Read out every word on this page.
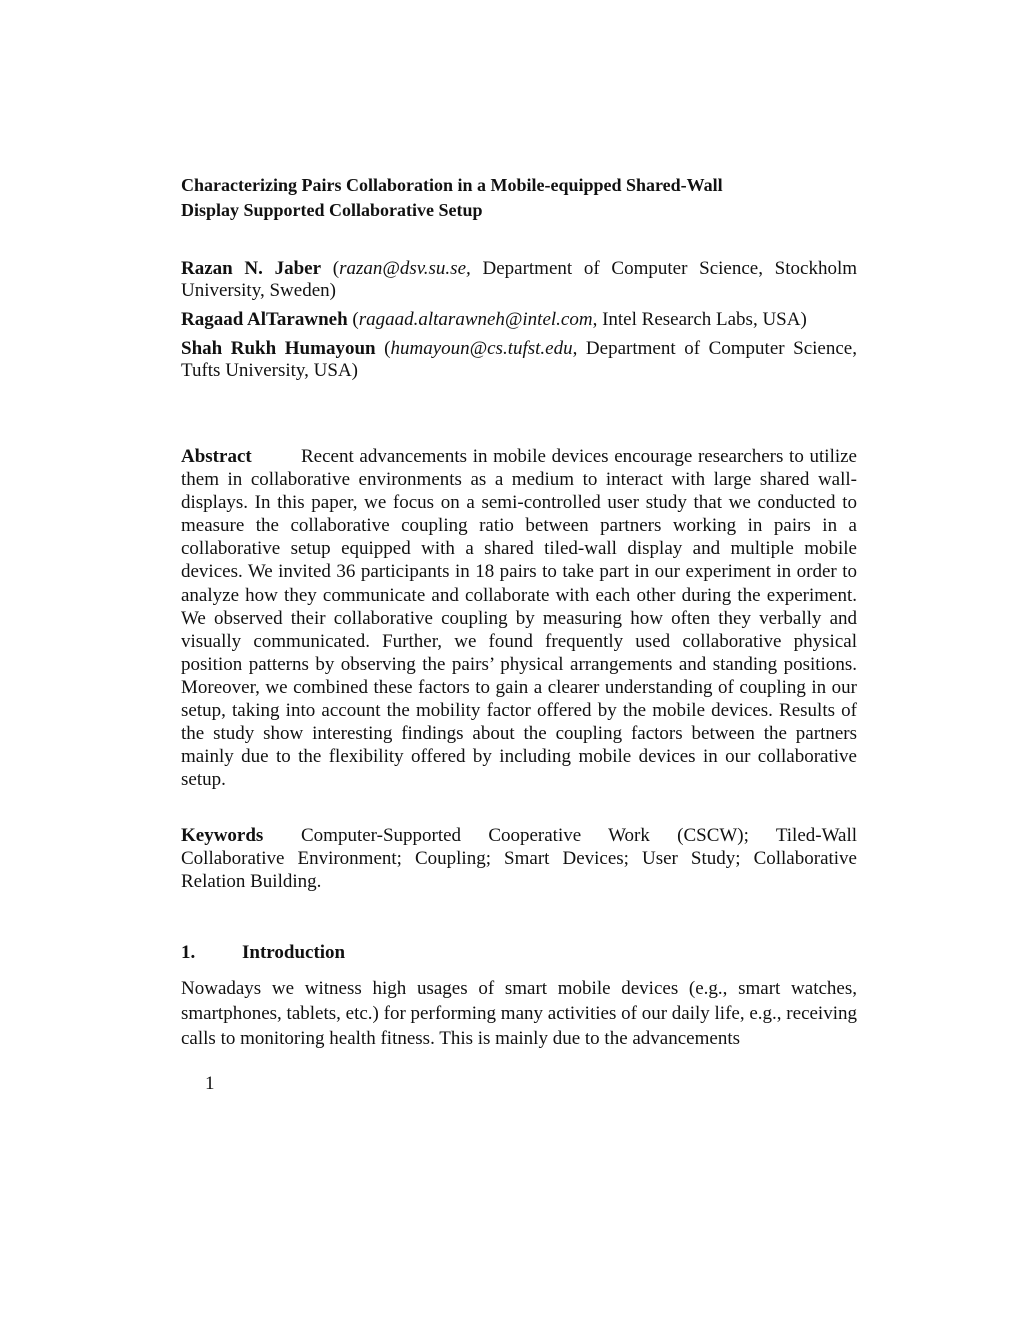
Characterizing Pairs Collaboration in a Mobile-equipped Shared-Wall
Display Supported Collaborative Setup
Razan N. Jaber (razan@dsv.su.se, Department of Computer Science, Stockholm University, Sweden)
Ragaad AlTarawneh (ragaad.altarawneh@intel.com, Intel Research Labs, USA)
Shah Rukh Humayoun (humayoun@cs.tufst.edu, Department of Computer Science, Tufts University, USA)
Abstract	Recent advancements in mobile devices encourage researchers to utilize them in collaborative environments as a medium to interact with large shared wall-displays. In this paper, we focus on a semi-controlled user study that we conducted to measure the collaborative coupling ratio between partners working in pairs in a collaborative setup equipped with a shared tiled-wall display and multiple mobile devices. We invited 36 participants in 18 pairs to take part in our experiment in order to analyze how they communicate and collaborate with each other during the experiment. We observed their collaborative coupling by measuring how often they verbally and visually communicated. Further, we found frequently used collaborative physical position patterns by observing the pairs’ physical arrangements and standing positions. Moreover, we combined these factors to gain a clearer understanding of coupling in our setup, taking into account the mobility factor offered by the mobile devices. Results of the study show interesting findings about the coupling factors between the partners mainly due to the flexibility offered by including mobile devices in our collaborative setup.
Keywords Computer-Supported Cooperative Work (CSCW); Tiled-Wall Collaborative Environment; Coupling; Smart Devices; User Study; Collaborative Relation Building.
1. Introduction
Nowadays we witness high usages of smart mobile devices (e.g., smart watches, smartphones, tablets, etc.) for performing many activities of our daily life, e.g., receiving calls to monitoring health fitness. This is mainly due to the advancements
1
